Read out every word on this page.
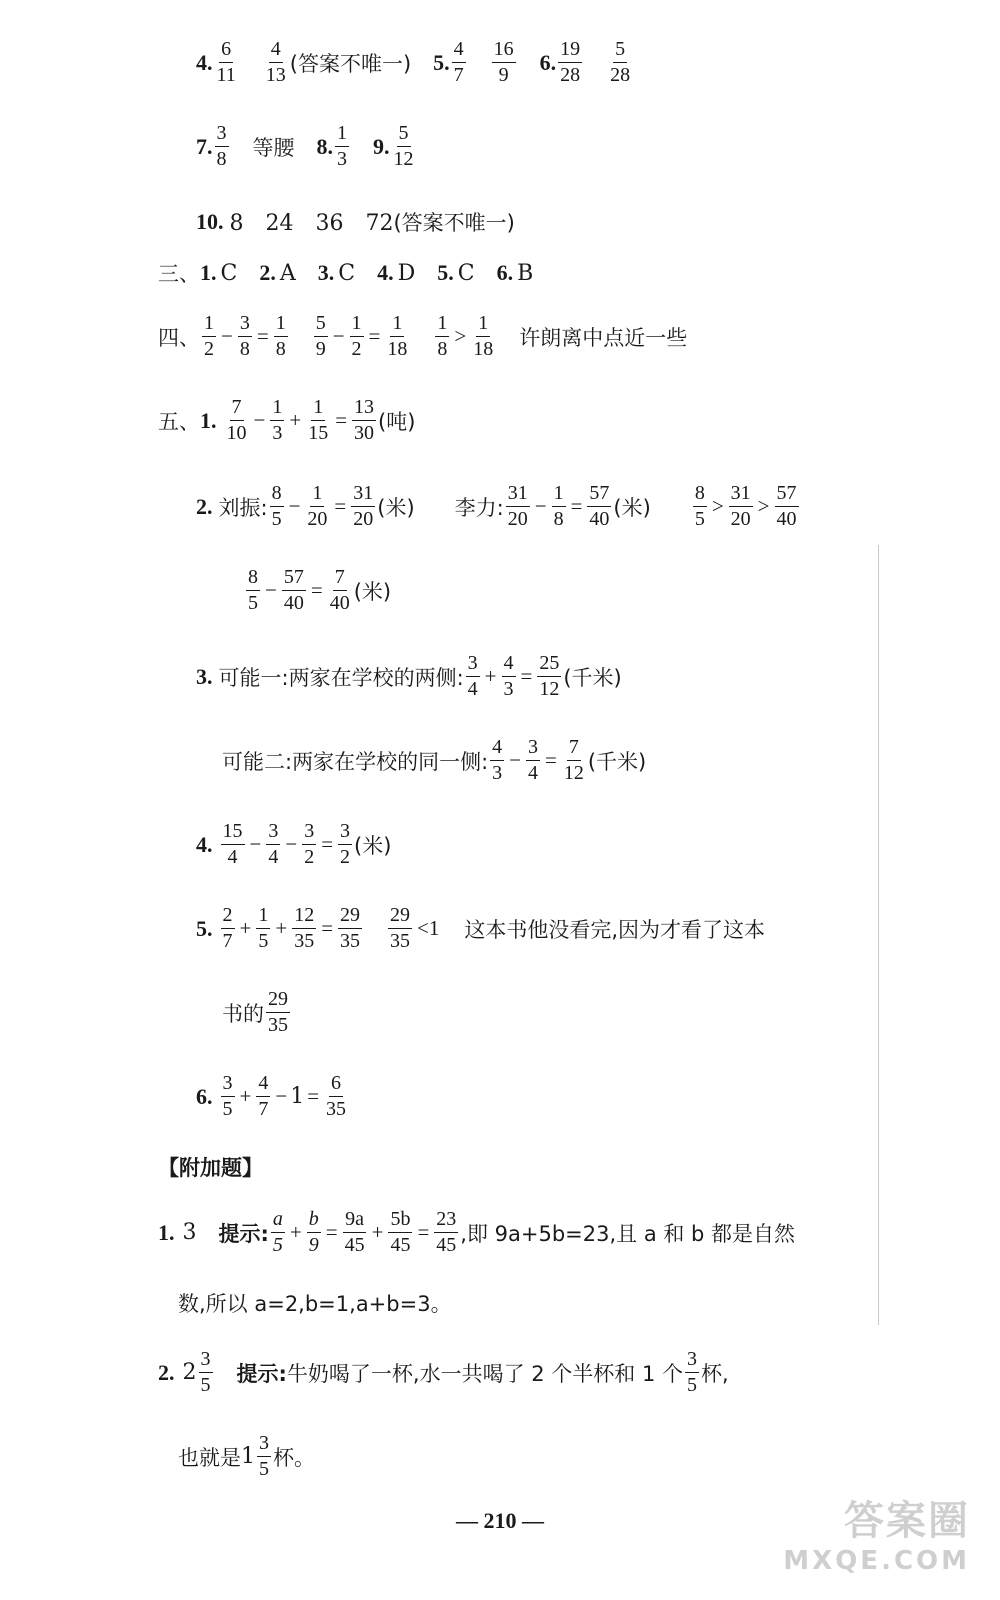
4. $\frac{6}{11} \frac{4}{13}$ (答案不唯一) 5. $\frac{4}{7} \frac{16}{9} 6$. $\frac{19}{28} \frac{5}{28}$
7. $\frac{3}{8}$ 等腰 8. $\frac{1}{3} 9$. $\frac{5}{12}$
10. 8　24　36　72 (答案不唯一)
三、 1. C 2. A 3. C 4. D 5. C 6. B
四、 $\frac{1}{2} - \frac{3}{8} = \frac{1}{8} \frac{5}{9} - \frac{1}{2} = \frac{1}{18} \frac{1}{8} > \frac{1}{18}$ 许朗离中点近一些
五、 1. $\frac{7}{10} - \frac{1}{3} + \frac{1}{15} = \frac{13}{30}$ (吨)
2. 刘振: $\frac{8}{5} - \frac{1}{20} = \frac{31}{20}$ (米) 李力: $\frac{31}{20} - \frac{1}{8} = \frac{57}{40}$ (米) $\frac{8}{5} > \frac{31}{20} > \frac{57}{40}$
$\frac{8}{5} - \frac{57}{40} = \frac{7}{40}$ (米)
3. 可能一:两家在学校的两侧: $\frac{3}{4} + \frac{4}{3} = \frac{25}{12}$ (千米)
可能二:两家在学校的同一侧: $\frac{4}{3} - \frac{3}{4} = \frac{7}{12}$ (千米)
4. $\frac{15}{4} - \frac{3}{4} - \frac{3}{2} = \frac{3}{2}$ (米)
5. $\frac{2}{7} + \frac{1}{5} + \frac{12}{35} = \frac{29}{35} \frac{29}{35} <1$ 这本书他没看完,因为才看了这本
书的 $\frac{29}{35}$
6. $\frac{3}{5} + \frac{4}{7} - 1 = \frac{6}{35}$
【附加题】
1. 3 提示: $\frac{a}{5} + \frac{b}{9} = \frac{9a}{45} + \frac{5b}{45} = \frac{23}{45}$ ,即 9a+5b=23,且 a 和 b 都是自然
数,所以 a=2,b=1,a+b=3。
2. $2 \frac{3}{5}$ 提示: 牛奶喝了一杯,水一共喝了 2 个半杯和 1 个 $\frac{3}{5}$ 杯,
也就是 $1 \frac{3}{5}$ 杯。
— 210 —	答案圈
MXQE.COM
